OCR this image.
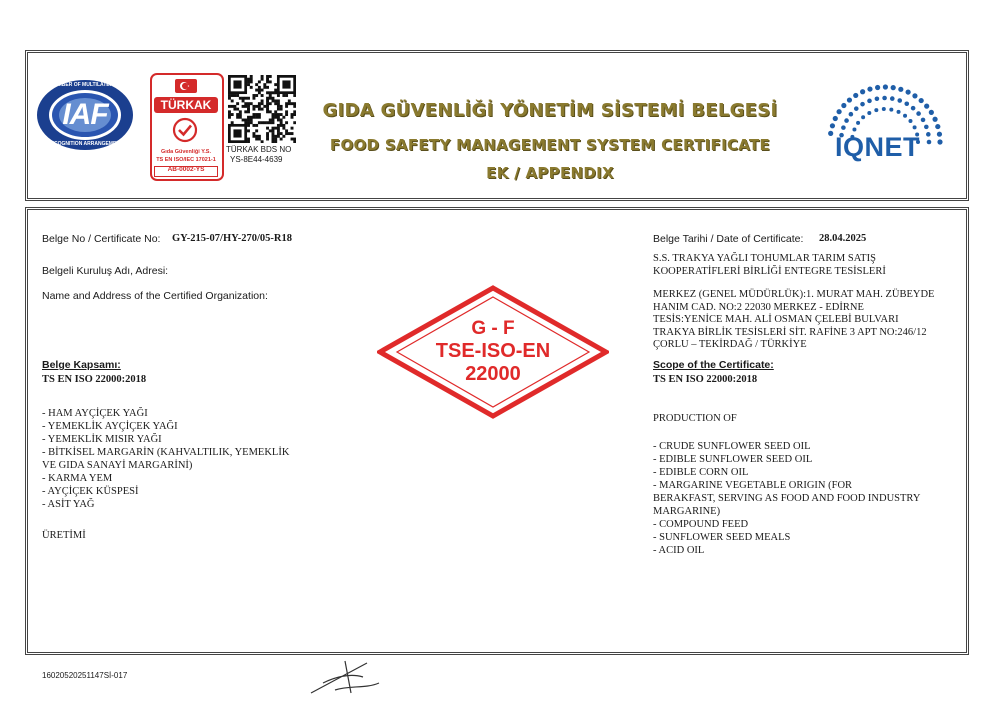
IAF
MEMBER OF MULTILATERAL
RECOGNITION ARRANGEMENT
TÜRKAK
Gıda Güvenliği Y.S.
TS EN ISO/IEC 17021-1
AB-0002-YS
TÜRKAK BDS NO
YS-8E44-4639
GIDA GÜVENLİĞİ YÖNETİM SİSTEMİ BELGESİ
FOOD SAFETY MANAGEMENT SYSTEM CERTIFICATE
EK / APPENDIX
IQNET
Belge No / Certificate No: GY-215-07/HY-270/05-R18	Belge Tarihi / Date of Certificate: 28.04.2025
Belgeli Kuruluş Adı, Adresi:
Name and Address of the Certified Organization:
S.S. TRAKYA YAĞLI TOHUMLAR TARIM SATIŞ
KOOPERATİFLERİ BİRLİĞİ ENTEGRE TESİSLERİ
MERKEZ (GENEL MÜDÜRLÜK):1. MURAT MAH. ZÜBEYDE
HANIM CAD. NO:2 22030 MERKEZ - EDİRNE
TESİS:YENİCE MAH. ALİ OSMAN ÇELEBİ BULVARI
TRAKYA BİRLİK TESİSLERİ SİT. RAFİNE 3 APT NO:246/12
ÇORLU – TEKİRDAĞ / TÜRKİYE
G - F
TSE-ISO-EN
22000
Belge Kapsamı:
TS EN ISO 22000:2018
- HAM AYÇİÇEK YAĞI
- YEMEKLİK AYÇİÇEK YAĞI
- YEMEKLİK MISIR YAĞI
- BİTKİSEL MARGARİN (KAHVALTILIK, YEMEKLİK
VE GIDA SANAYİ MARGARİNİ)
- KARMA YEM
- AYÇİÇEK KÜSPESİ
- ASİT YAĞ
ÜRETİMİ
Scope of the Certificate:
TS EN ISO 22000:2018
PRODUCTION OF
- CRUDE SUNFLOWER SEED OIL
- EDIBLE SUNFLOWER SEED OIL
- EDIBLE CORN OIL
- MARGARINE VEGETABLE ORIGIN (FOR
BERAKFAST, SERVING AS FOOD AND FOOD INDUSTRY
MARGARINE)
- COMPOUND FEED
- SUNFLOWER SEED MEALS
- ACID OIL
16020520251147Sİ-017
